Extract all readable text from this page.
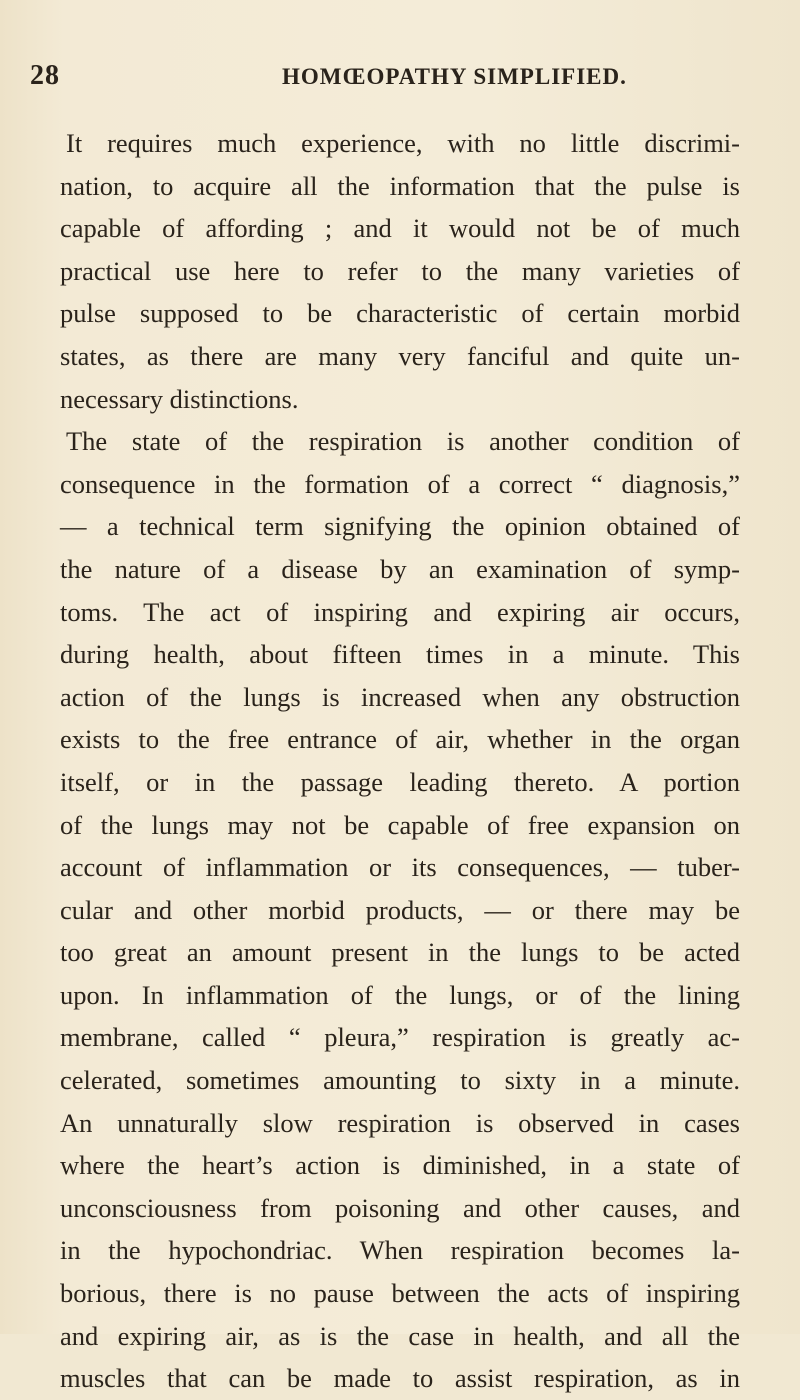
28	HOMŒOPATHY SIMPLIFIED.
It requires much experience, with no little discrimi-
nation, to acquire all the information that the pulse is
capable of affording ; and it would not be of much
practical use here to refer to the many varieties of
pulse supposed to be characteristic of certain morbid
states, as there are many very fanciful and quite un-
necessary distinctions.
The state of the respiration is another condition of
consequence in the formation of a correct “ diagnosis,”
— a technical term signifying the opinion obtained of
the nature of a disease by an examination of symp-
toms. The act of inspiring and expiring air occurs,
during health, about fifteen times in a minute. This
action of the lungs is increased when any obstruction
exists to the free entrance of air, whether in the organ
itself, or in the passage leading thereto. A portion
of the lungs may not be capable of free expansion on
account of inflammation or its consequences, — tuber-
cular and other morbid products, — or there may be
too great an amount present in the lungs to be acted
upon. In inflammation of the lungs, or of the lining
membrane, called “ pleura,” respiration is greatly ac-
celerated, sometimes amounting to sixty in a minute.
An unnaturally slow respiration is observed in cases
where the heart’s action is diminished, in a state of
unconsciousness from poisoning and other causes, and
in the hypochondriac. When respiration becomes la-
borious, there is no pause between the acts of inspiring
and expiring air, as is the case in health, and all the
muscles that can be made to assist respiration, as in
